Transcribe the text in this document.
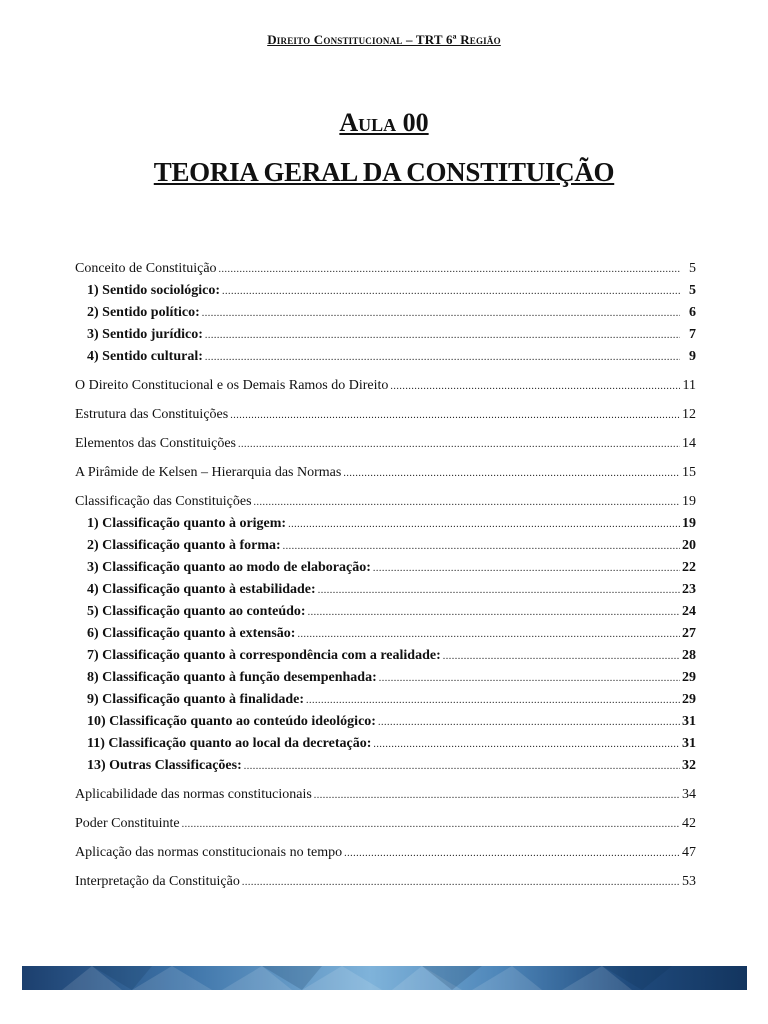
Direito Constitucional – TRT 6ª Região
Aula 00
TEORIA GERAL DA CONSTITUIÇÃO
Conceito de Constituição .....	5
1) Sentido sociológico: .....	5
2) Sentido político: .....	6
3) Sentido jurídico: .....	7
4) Sentido cultural: .....	9
O Direito Constitucional e os Demais Ramos do Direito .....	11
Estrutura das Constituições .....	12
Elementos das Constituições .....	14
A Pirâmide de Kelsen – Hierarquia das Normas .....	15
Classificação das Constituições .....	19
1) Classificação quanto à origem: .....	19
2) Classificação quanto à forma: .....	20
3) Classificação quanto ao modo de elaboração: .....	22
4) Classificação quanto à estabilidade: .....	23
5) Classificação quanto ao conteúdo: .....	24
6) Classificação quanto à extensão: .....	27
7) Classificação quanto à correspondência com a realidade: .....	28
8) Classificação quanto à função desempenhada: .....	29
9) Classificação quanto à finalidade: .....	29
10) Classificação quanto ao conteúdo ideológico: .....	31
11) Classificação quanto ao local da decretação: .....	31
13) Outras Classificações: .....	32
Aplicabilidade das normas constitucionais .....	34
Poder Constituinte .....	42
Aplicação das normas constitucionais no tempo .....	47
Interpretação da Constituição .....	53
